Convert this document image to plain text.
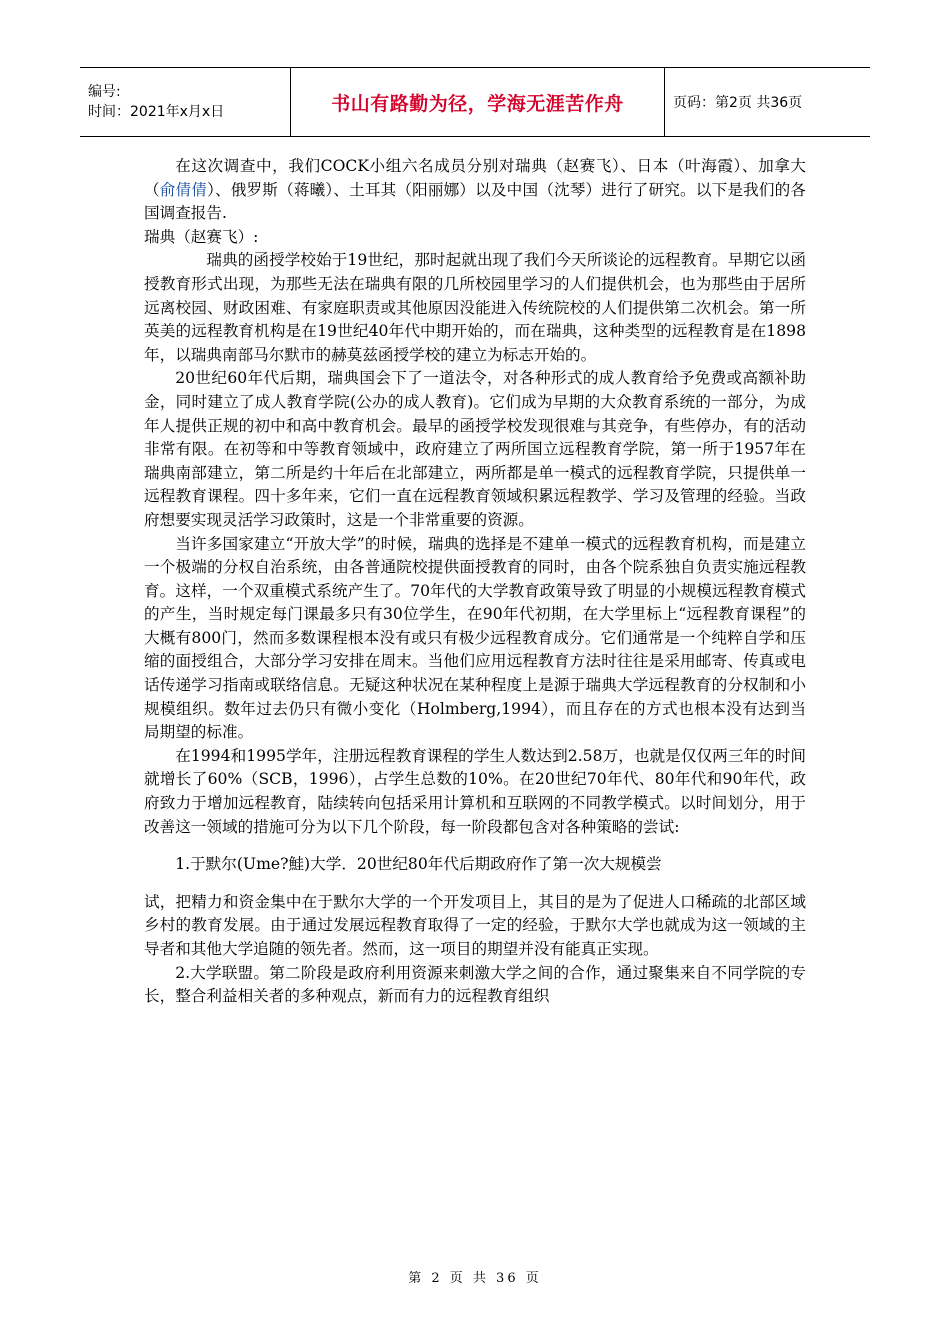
编号:
时间：2021年x月x日	书山有路勤为径，学海无涯苦作舟	页码：第2页 共36页

在这次调查中，我们COCK小组六名成员分别对瑞典（赵赛飞）、日本（叶海霞）、加拿大（俞倩倩）、俄罗斯（蒋曦）、土耳其（阳丽娜）以及中国（沈琴）进行了研究。以下是我们的各国调查报告.

瑞典（赵赛飞）:

瑞典的函授学校始于19世纪，那时起就出现了我们今天所谈论的远程教育。早期它以函授教育形式出现，为那些无法在瑞典有限的几所校园里学习的人们提供机会，也为那些由于居所远离校园、财政困难、有家庭职责或其他原因没能进入传统院校的人们提供第二次机会。第一所英美的远程教育机构是在19世纪40年代中期开始的，而在瑞典，这种类型的远程教育是在1898年，以瑞典南部马尔默市的赫莫兹函授学校的建立为标志开始的。

20世纪60年代后期，瑞典国会下了一道法令，对各种形式的成人教育给予免费或高额补助金，同时建立了成人教育学院(公办的成人教育)。它们成为早期的大众教育系统的一部分，为成年人提供正规的初中和高中教育机会。最早的函授学校发现很难与其竞争，有些停办，有的活动非常有限。在初等和中等教育领域中，政府建立了两所国立远程教育学院，第一所于1957年在瑞典南部建立，第二所是约十年后在北部建立，两所都是单一模式的远程教育学院，只提供单一远程教育课程。四十多年来，它们一直在远程教育领域积累远程教学、学习及管理的经验。当政府想要实现灵活学习政策时，这是一个非常重要的资源。

当许多国家建立“开放大学”的时候，瑞典的选择是不建单一模式的远程教育机构，而是建立一个极端的分权自治系统，由各普通院校提供面授教育的同时，由各个院系独自负责实施远程教育。这样，一个双重模式系统产生了。70年代的大学教育政策导致了明显的小规模远程教育模式的产生，当时规定每门课最多只有30位学生，在90年代初期，在大学里标上“远程教育课程”的大概有800门，然而多数课程根本没有或只有极少远程教育成分。它们通常是一个纯粹自学和压缩的面授组合，大部分学习安排在周末。当他们应用远程教育方法时往往是采用邮寄、传真或电话传递学习指南或联络信息。无疑这种状况在某种程度上是源于瑞典大学远程教育的分权制和小规模组织。数年过去仍只有微小变化（Holmberg,1994），而且存在的方式也根本没有达到当局期望的标准。

在1994和1995学年，注册远程教育课程的学生人数达到2.58万，也就是仅仅两三年的时间就增长了60%（SCB，1996），占学生总数的10%。在20世纪70年代、80年代和90年代，政府致力于增加远程教育，陆续转向包括采用计算机和互联网的不同教学模式。以时间划分，用于改善这一领域的措施可分为以下几个阶段，每一阶段都包含对各种策略的尝试:

1.于默尔(Ume?鮭)大学．20世纪80年代后期政府作了第一次大规模尝

试，把精力和资金集中在于默尔大学的一个开发项目上，其目的是为了促进人口稀疏的北部区域乡村的教育发展。由于通过发展远程教育取得了一定的经验，于默尔大学也就成为这一领域的主导者和其他大学追随的领先者。然而，这一项目的期望并没有能真正实现。

2.大学联盟。第二阶段是政府利用资源来刺激大学之间的合作，通过聚集来自不同学院的专长，整合利益相关者的多种观点，新而有力的远程教育组织

第 2 页 共 36 页
